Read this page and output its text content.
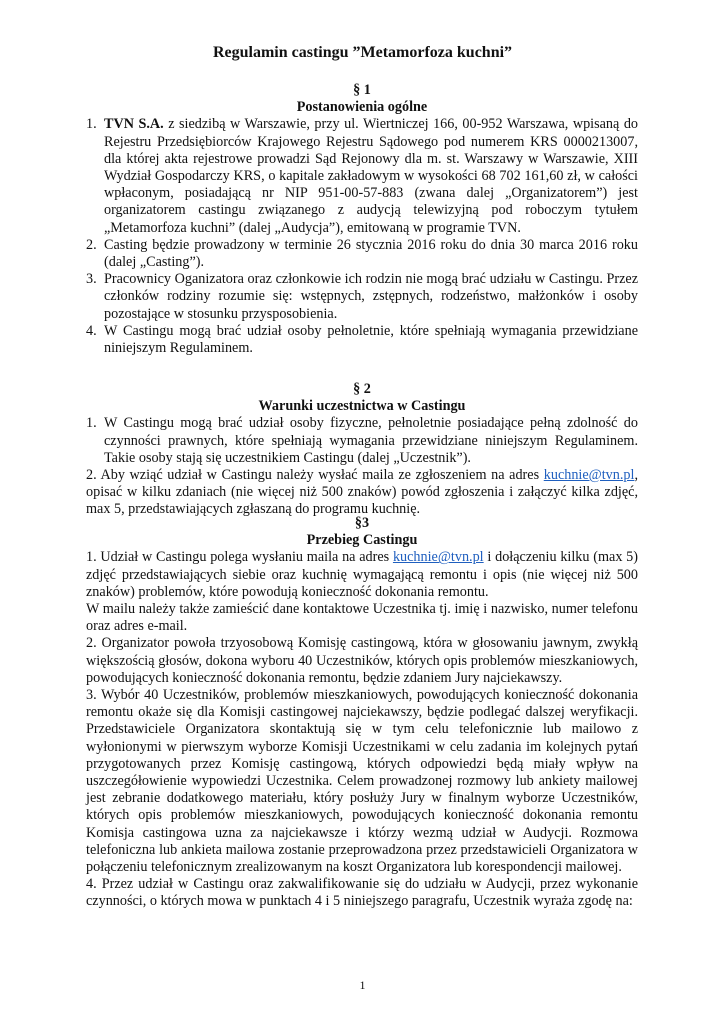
Regulamin castingu ”Metamorfoza kuchni”
§ 1
Postanowienia ogólne
1. TVN S.A. z siedzibą w Warszawie, przy ul. Wiertniczej 166, 00-952 Warszawa, wpisaną do Rejestru Przedsiębiorców Krajowego Rejestru Sądowego pod numerem KRS 0000213007, dla której akta rejestrowe prowadzi Sąd Rejonowy dla m. st. Warszawy w Warszawie, XIII Wydział Gospodarczy KRS, o kapitale zakładowym w wysokości 68 702 161,60 zł, w całości wpłaconym, posiadającą nr NIP 951-00-57-883 (zwana dalej „Organizatorem”) jest organizatorem castingu związanego z audycją telewizyjną pod roboczym tytułem „Metamorfoza kuchni” (dalej „Audycja”), emitowaną w programie TVN.
2. Casting będzie prowadzony w terminie 26 stycznia 2016 roku do dnia 30 marca 2016 roku (dalej „Casting”).
3. Pracownicy Oganizatora oraz członkowie ich rodzin nie mogą brać udziału w Castingu. Przez członków rodziny rozumie się: wstępnych, zstępnych, rodzeństwo, małżonków i osoby pozostające w stosunku przysposobienia.
4. W Castingu mogą brać udział osoby pełnoletnie, które spełniają wymagania przewidziane niniejszym Regulaminem.
§ 2
Warunki uczestnictwa w Castingu
1. W Castingu mogą brać udział osoby fizyczne, pełnoletnie posiadające pełną zdolność do czynności prawnych, które spełniają wymagania przewidziane niniejszym Regulaminem. Takie osoby stają się uczestnikiem Castingu (dalej „Uczestnik”).

2. Aby wziąć udział w Castingu należy wysłać maila ze zgłoszeniem na adres kuchnie@tvn.pl, opisać w kilku zdaniach (nie więcej niż 500 znaków) powód zgłoszenia i załączyć kilka zdjęć, max 5, przedstawiających zgłaszaną do programu kuchnię.

§3
Przebieg Castingu

1. Udział w Castingu polega wysłaniu maila na adres kuchnie@tvn.pl i dołączeniu kilku (max 5) zdjęć przedstawiających siebie oraz kuchnię wymagającą remontu i opis (nie więcej niż 500 znaków) problemów, które powodują konieczność dokonania remontu.

W mailu należy także zamieścić dane kontaktowe Uczestnika tj. imię i nazwisko, numer telefonu oraz adres e-mail.

2. Organizator powoła trzyosobową Komisję castingową, która w głosowaniu jawnym, zwykłą większością głosów, dokona wyboru 40 Uczestników, których opis problemów mieszkaniowych, powodujących konieczność dokonania remontu, będzie zdaniem Jury najciekawszy.

3. Wybór 40 Uczestników, problemów mieszkaniowych, powodujących konieczność dokonania remontu okaże się dla Komisji castingowej najciekawszy, będzie podlegać dalszej weryfikacji. Przedstawiciele Organizatora skontaktują się w tym celu telefonicznie lub mailowo z wyłonionymi w pierwszym wyborze Komisji Uczestnikami w celu zadania im kolejnych pytań przygotowanych przez Komisję castingową, których odpowiedzi będą miały wpływ na uszczegółowienie wypowiedzi Uczestnika. Celem prowadzonej rozmowy lub ankiety mailowej jest zebranie dodatkowego materiału, który posłuży Jury w finalnym wyborze Uczestników, których opis problemów mieszkaniowych, powodujących konieczność dokonania remontu Komisja castingowa uzna za najciekawsze i którzy wezmą udział w Audycji. Rozmowa telefoniczna lub ankieta mailowa zostanie przeprowadzona przez przedstawicieli Organizatora w połączeniu telefonicznym zrealizowanym na koszt Organizatora lub korespondencji mailowej.

4. Przez udział w Castingu oraz zakwalifikowanie się do udziału w Audycji, przez wykonanie czynności, o których mowa w punktach 4 i 5 niniejszego paragrafu, Uczestnik wyraża zgodę na:

1
